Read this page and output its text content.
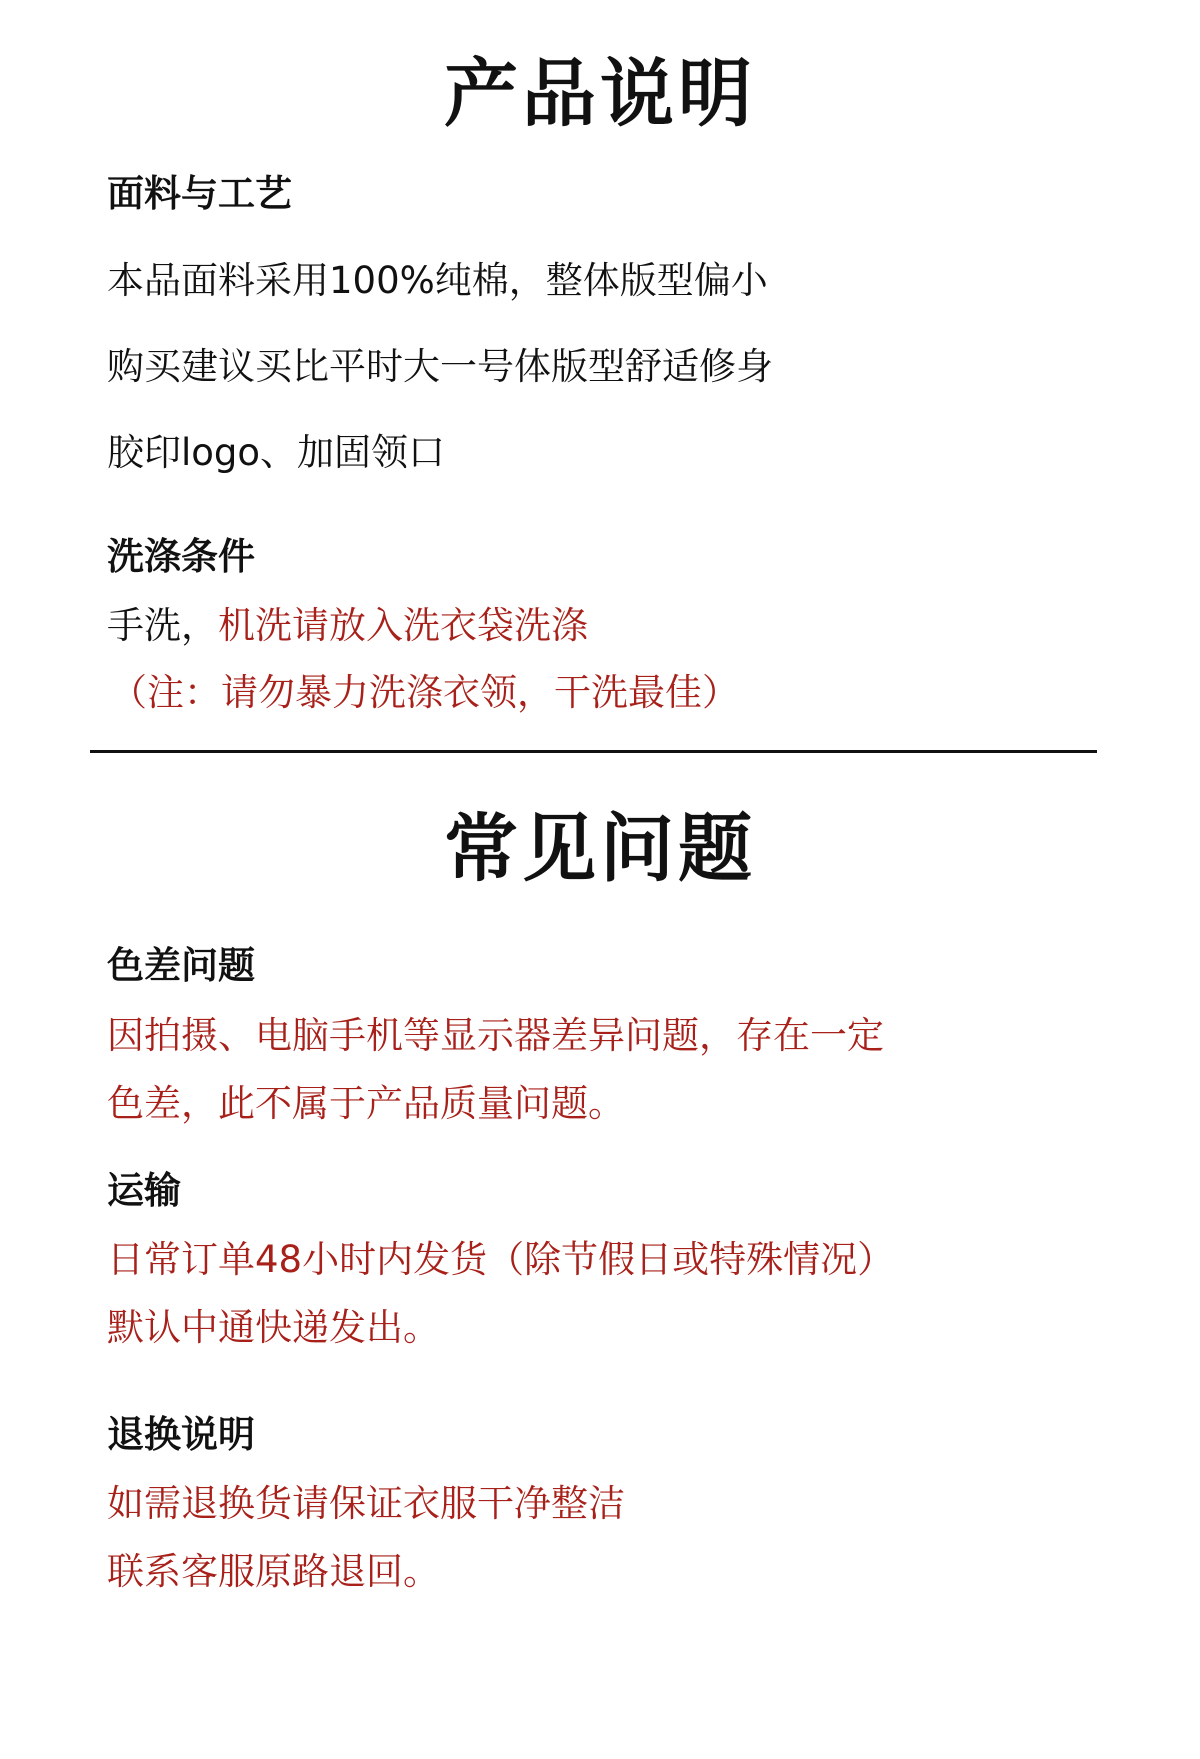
产品说明
面料与工艺
本品面料采用100%纯棉，整体版型偏小
购买建议买比平时大一号体版型舒适修身
胶印logo、加固领口
洗涤条件
手洗，机洗请放入洗衣袋洗涤
（注：请勿暴力洗涤衣领，干洗最佳）
常见问题
色差问题
因拍摄、电脑手机等显示器差异问题，存在一定
色差，此不属于产品质量问题。
运输
日常订单48小时内发货（除节假日或特殊情况）
默认中通快递发出。
退换说明
如需退换货请保证衣服干净整洁
联系客服原路退回。
